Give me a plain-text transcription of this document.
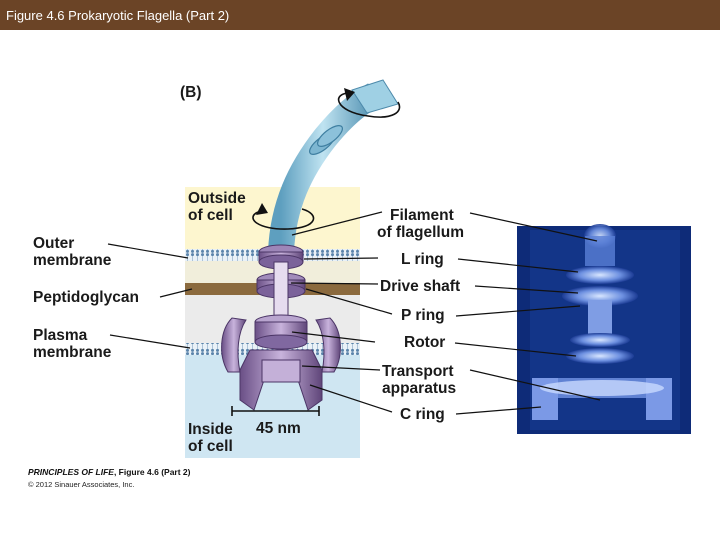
Figure 4.6 Prokaryotic Flagella (Part 2)
(B)
Outer
membrane
Peptidoglycan
Plasma
membrane
Outside
of cell
Inside
of cell
45 nm
Filament
of flagellum
L ring
Drive shaft
P ring
Rotor
Transport
apparatus
C ring
PRINCIPLES OF LIFE, Figure 4.6 (Part 2)
© 2012 Sinauer Associates, Inc.
